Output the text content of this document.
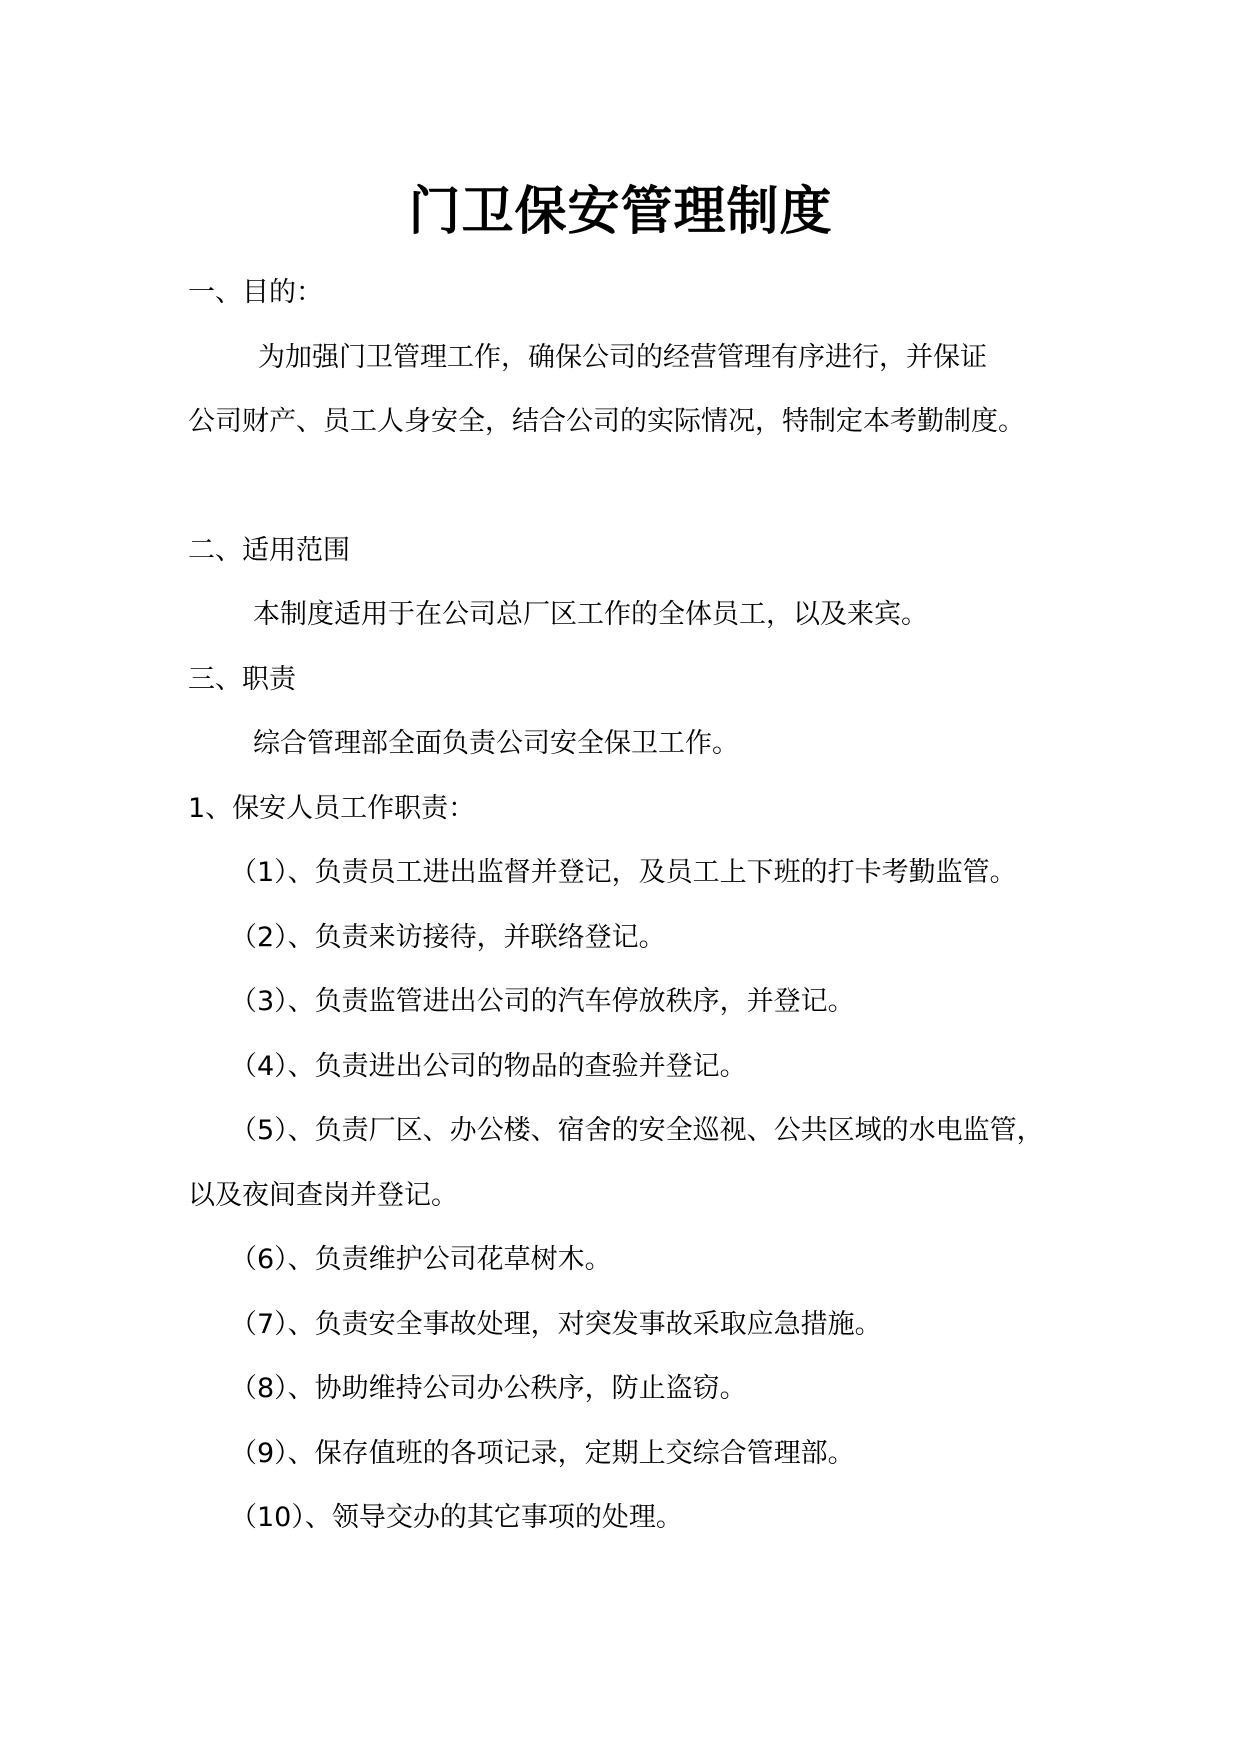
门卫保安管理制度
一、目的：
为加强门卫管理工作，确保公司的经营管理有序进行，并保证
公司财产、员工人身安全，结合公司的实际情况，特制定本考勤制度。
二、适用范围
本制度适用于在公司总厂区工作的全体员工，以及来宾。
三、职责
综合管理部全面负责公司安全保卫工作。
1、保安人员工作职责：
（1）、负责员工进出监督并登记，及员工上下班的打卡考勤监管。
（2）、负责来访接待，并联络登记。
（3）、负责监管进出公司的汽车停放秩序，并登记。
（4）、负责进出公司的物品的查验并登记。
（5）、负责厂区、办公楼、宿舍的安全巡视、公共区域的水电监管，
以及夜间查岗并登记。
（6）、负责维护公司花草树木。
（7）、负责安全事故处理，对突发事故采取应急措施。
（8）、协助维持公司办公秩序，防止盗窃。
（9）、保存值班的各项记录，定期上交综合管理部。
（10）、领导交办的其它事项的处理。
